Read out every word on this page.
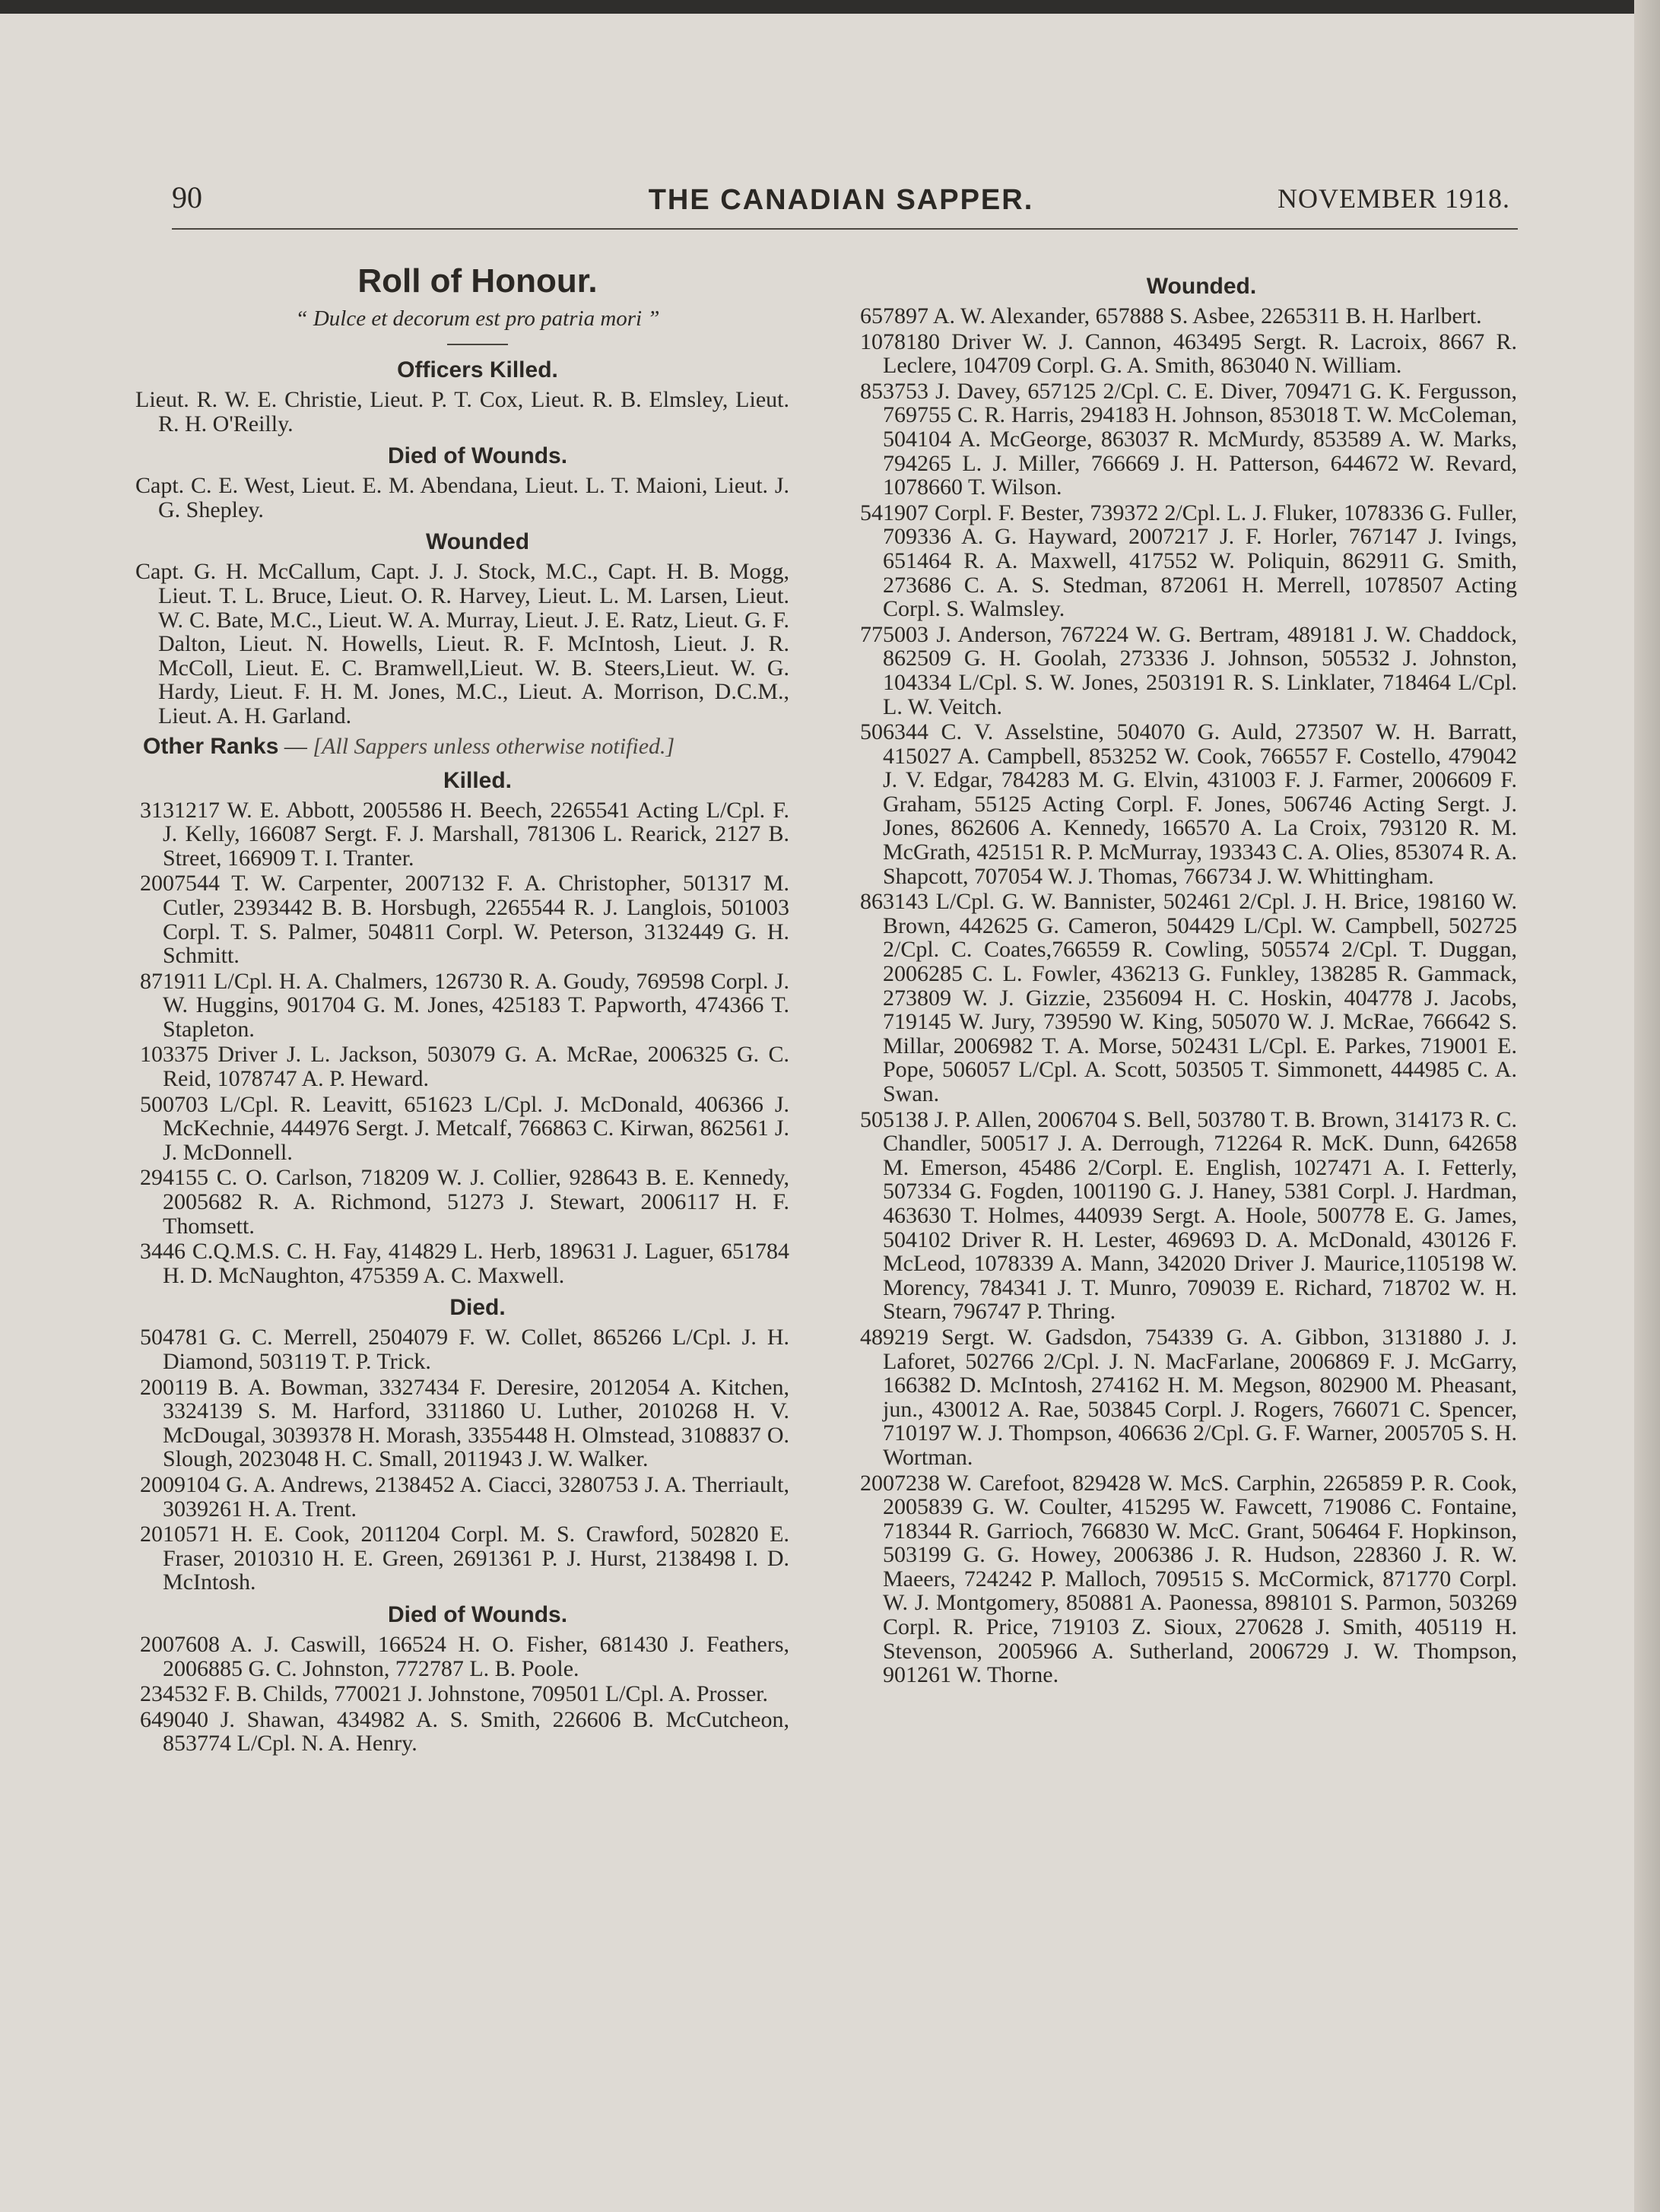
90	THE CANADIAN SAPPER.	NOVEMBER 1918.
Roll of Honour.
“ Dulce et decorum est pro patria mori ”
Officers Killed.

Lieut. R. W. E. Christie, Lieut. P. T. Cox, Lieut. R. B. Elmsley, Lieut. R. H. O'Reilly.

Died of Wounds.

Capt. C. E. West, Lieut. E. M. Abendana, Lieut. L. T. Maioni, Lieut. J. G. Shepley.

Wounded

Capt. G. H. McCallum, Capt. J. J. Stock, M.C., Capt. H. B. Mogg, Lieut. T. L. Bruce, Lieut. O. R. Harvey, Lieut. L. M. Larsen, Lieut. W. C. Bate, M.C., Lieut. W. A. Murray, Lieut. J. E. Ratz, Lieut. G. F. Dalton, Lieut. N. Howells, Lieut. R. F. McIntosh, Lieut. J. R. McColl, Lieut. E. C. Bramwell,Lieut. W. B. Steers,Lieut. W. G. Hardy, Lieut. F. H. M. Jones, M.C., Lieut. A. Morrison, D.C.M., Lieut. A. H. Garland.

Other Ranks — [All Sappers unless otherwise notified.]
Killed.

3131217 W. E. Abbott, 2005586 H. Beech, 2265541 Acting L/Cpl. F. J. Kelly, 166087 Sergt. F. J. Marshall, 781306 L. Rearick, 2127 B. Street, 166909 T. I. Tranter.

2007544 T. W. Carpenter, 2007132 F. A. Christopher, 501317 M. Cutler, 2393442 B. B. Horsbugh, 2265544 R. J. Langlois, 501003 Corpl. T. S. Palmer, 504811 Corpl. W. Peterson, 3132449 G. H. Schmitt.

871911 L/Cpl. H. A. Chalmers, 126730 R. A. Goudy, 769598 Corpl. J. W. Huggins, 901704 G. M. Jones, 425183 T. Papworth, 474366 T. Stapleton.

103375 Driver J. L. Jackson, 503079 G. A. McRae, 2006325 G. C. Reid, 1078747 A. P. Heward.

500703 L/Cpl. R. Leavitt, 651623 L/Cpl. J. McDonald, 406366 J. McKechnie, 444976 Sergt. J. Metcalf, 766863 C. Kirwan, 862561 J. J. McDonnell.

294155 C. O. Carlson, 718209 W. J. Collier, 928643 B. E. Kennedy, 2005682 R. A. Richmond, 51273 J. Stewart, 2006117 H. F. Thomsett.

3446 C.Q.M.S. C. H. Fay, 414829 L. Herb, 189631 J. Laguer, 651784 H. D. McNaughton, 475359 A. C. Maxwell.

Died.

504781 G. C. Merrell, 2504079 F. W. Collet, 865266 L/Cpl. J. H. Diamond, 503119 T. P. Trick.

200119 B. A. Bowman, 3327434 F. Deresire, 2012054 A. Kitchen, 3324139 S. M. Harford, 3311860 U. Luther, 2010268 H. V. McDougal, 3039378 H. Morash, 3355448 H. Olmstead, 3108837 O. Slough, 2023048 H. C. Small, 2011943 J. W. Walker.

2009104 G. A. Andrews, 2138452 A. Ciacci, 3280753 J. A. Therriault, 3039261 H. A. Trent.

2010571 H. E. Cook, 2011204 Corpl. M. S. Crawford, 502820 E. Fraser, 2010310 H. E. Green, 2691361 P. J. Hurst, 2138498 I. D. McIntosh.

Died of Wounds.

2007608 A. J. Caswill, 166524 H. O. Fisher, 681430 J. Feathers, 2006885 G. C. Johnston, 772787 L. B. Poole.

234532 F. B. Childs, 770021 J. Johnstone, 709501 L/Cpl. A. Prosser.

649040 J. Shawan, 434982 A. S. Smith, 226606 B. McCutcheon, 853774 L/Cpl. N. A. Henry.

Wounded.

657897 A. W. Alexander, 657888 S. Asbee, 2265311 B. H. Harlbert.

1078180 Driver W. J. Cannon, 463495 Sergt. R. Lacroix, 8667 R. Leclere, 104709 Corpl. G. A. Smith, 863040 N. William.

853753 J. Davey, 657125 2/Cpl. C. E. Diver, 709471 G. K. Fergusson, 769755 C. R. Harris, 294183 H. Johnson, 853018 T. W. McColeman, 504104 A. McGeorge, 863037 R. McMurdy, 853589 A. W. Marks, 794265 L. J. Miller, 766669 J. H. Patterson, 644672 W. Revard, 1078660 T. Wilson.

541907 Corpl. F. Bester, 739372 2/Cpl. L. J. Fluker, 1078336 G. Fuller, 709336 A. G. Hayward, 2007217 J. F. Horler, 767147 J. Ivings, 651464 R. A. Maxwell, 417552 W. Poliquin, 862911 G. Smith, 273686 C. A. S. Stedman, 872061 H. Merrell, 1078507 Acting Corpl. S. Walmsley.

775003 J. Anderson, 767224 W. G. Bertram, 489181 J. W. Chaddock, 862509 G. H. Goolah, 273336 J. Johnson, 505532 J. Johnston, 104334 L/Cpl. S. W. Jones, 2503191 R. S. Linklater, 718464 L/Cpl. L. W. Veitch.

506344 C. V. Asselstine, 504070 G. Auld, 273507 W. H. Barratt, 415027 A. Campbell, 853252 W. Cook, 766557 F. Costello, 479042 J. V. Edgar, 784283 M. G. Elvin, 431003 F. J. Farmer, 2006609 F. Graham, 55125 Acting Corpl. F. Jones, 506746 Acting Sergt. J. Jones, 862606 A. Kennedy, 166570 A. La Croix, 793120 R. M. McGrath, 425151 R. P. McMurray, 193343 C. A. Olies, 853074 R. A. Shapcott, 707054 W. J. Thomas, 766734 J. W. Whittingham.

863143 L/Cpl. G. W. Bannister, 502461 2/Cpl. J. H. Brice, 198160 W. Brown, 442625 G. Cameron, 504429 L/Cpl. W. Campbell, 502725 2/Cpl. C. Coates,766559 R. Cowling, 505574 2/Cpl. T. Duggan, 2006285 C. L. Fowler, 436213 G. Funkley, 138285 R. Gammack, 273809 W. J. Gizzie, 2356094 H. C. Hoskin, 404778 J. Jacobs, 719145 W. Jury, 739590 W. King, 505070 W. J. McRae, 766642 S. Millar, 2006982 T. A. Morse, 502431 L/Cpl. E. Parkes, 719001 E. Pope, 506057 L/Cpl. A. Scott, 503505 T. Simmonett, 444985 C. A. Swan.

505138 J. P. Allen, 2006704 S. Bell, 503780 T. B. Brown, 314173 R. C. Chandler, 500517 J. A. Derrough, 712264 R. McK. Dunn, 642658 M. Emerson, 45486 2/Corpl. E. English, 1027471 A. I. Fetterly, 507334 G. Fogden, 1001190 G. J. Haney, 5381 Corpl. J. Hardman, 463630 T. Holmes, 440939 Sergt. A. Hoole, 500778 E. G. James, 504102 Driver R. H. Lester, 469693 D. A. McDonald, 430126 F. McLeod, 1078339 A. Mann, 342020 Driver J. Maurice,1105198 W. Morency, 784341 J. T. Munro, 709039 E. Richard, 718702 W. H. Stearn, 796747 P. Thring.

489219 Sergt. W. Gadsdon, 754339 G. A. Gibbon, 3131880 J. J. Laforet, 502766 2/Cpl. J. N. MacFarlane, 2006869 F. J. McGarry, 166382 D. McIntosh, 274162 H. M. Megson, 802900 M. Pheasant, jun., 430012 A. Rae, 503845 Corpl. J. Rogers, 766071 C. Spencer, 710197 W. J. Thompson, 406636 2/Cpl. G. F. Warner, 2005705 S. H. Wortman.

2007238 W. Carefoot, 829428 W. McS. Carphin, 2265859 P. R. Cook, 2005839 G. W. Coulter, 415295 W. Fawcett, 719086 C. Fontaine, 718344 R. Garrioch, 766830 W. McC. Grant, 506464 F. Hopkinson, 503199 G. G. Howey, 2006386 J. R. Hudson, 228360 J. R. W. Maeers, 724242 P. Malloch, 709515 S. McCormick, 871770 Corpl. W. J. Montgomery, 850881 A. Paonessa, 898101 S. Parmon, 503269 Corpl. R. Price, 719103 Z. Sioux, 270628 J. Smith, 405119 H. Stevenson, 2005966 A. Sutherland, 2006729 J. W. Thompson, 901261 W. Thorne.
